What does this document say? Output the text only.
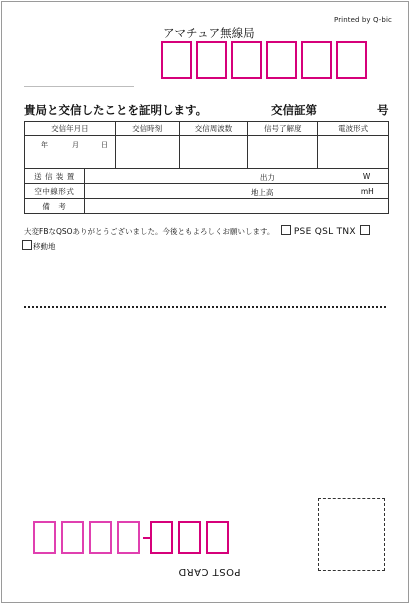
Printed by Q-bic
アマチュア無線局
貴局と交信したことを証明します。	交信証第	号
交信年月日		交信時刻	交信周波数	信号了解度	電波形式

年 月 日					

送 信 装 置	出力 W				

空中線形式	地上高 mH				

備　考					
大変FBなQSOありがとうございました。今後ともよろしくお願いします。 PSE QSL TNX
移動地
POST CARD
